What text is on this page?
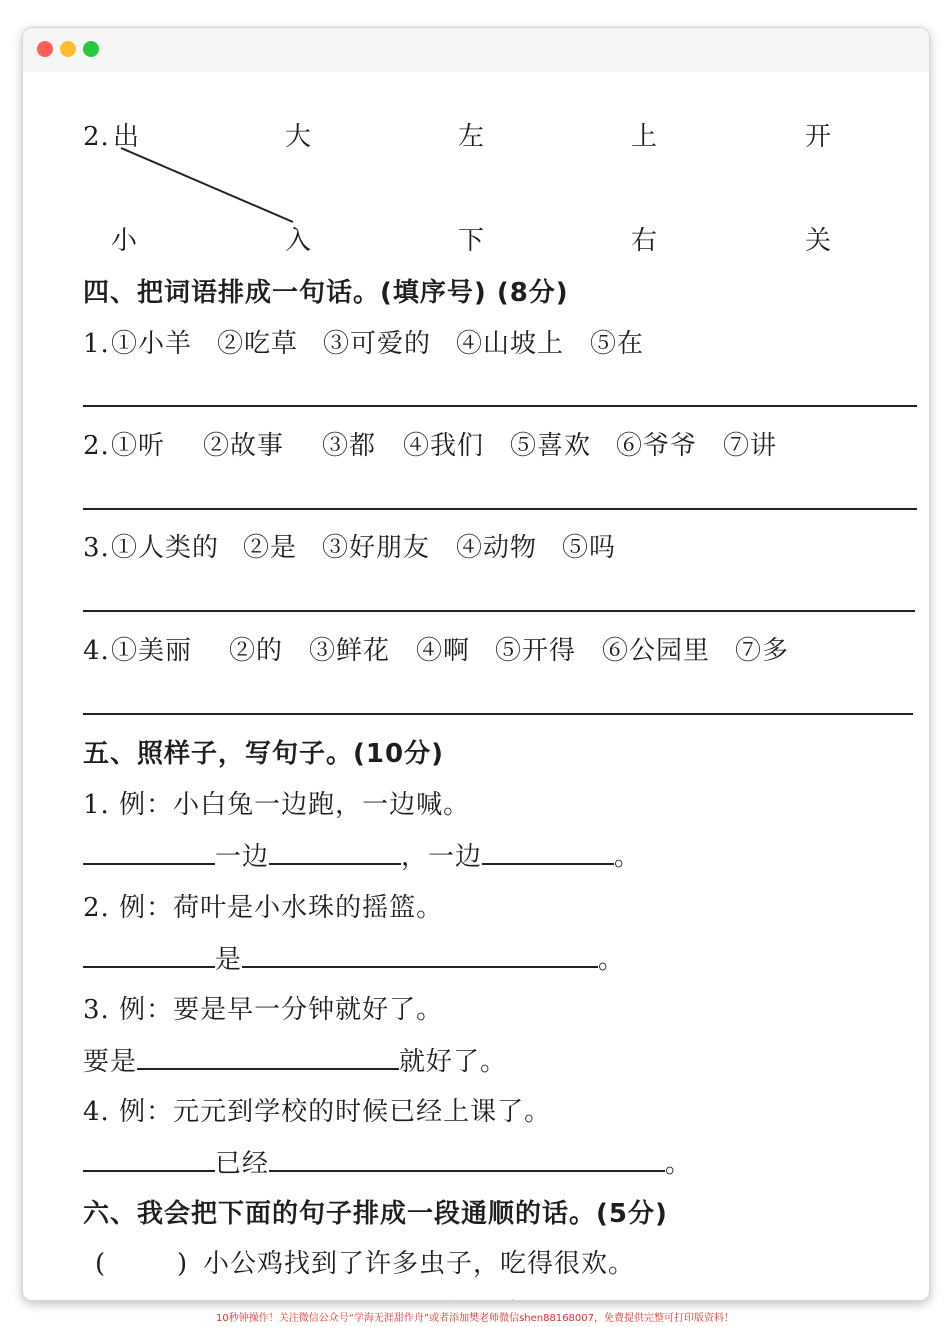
2. 出	大	左	上	开
小	入	下	右	关
四、把词语排成一句话。(填序号) (8分)
1. ①小羊 ②吃草 ③可爱的 ④山坡上 ⑤在
2. ①听 ②故事 ③都 ④我们 ⑤喜欢 ⑥爷爷 ⑦讲
3. ①人类的 ②是 ③好朋友 ④动物 ⑤吗
4. ①美丽 ②的 ③鲜花 ④啊 ⑤开得 ⑥公园里 ⑦多
五、照样子，写句子。(10分)
1. 例：小白兔一边跑，一边喊。
一边	，一边	。
2. 例：荷叶是小水珠的摇篮。
是	。
3. 例：要是早一分钟就好了。
要是	就好了。
4. 例：元元到学校的时候已经上课了。
已经	。
六、我会把下面的句子排成一段通顺的话。(5分)
(	) 小公鸡找到了许多虫子，吃得很欢。
10秒钟操作！关注微信公众号“学海无涯甜作舟”或者添加樊老师微信shen88168007，免费提供完整可打印版资料！
